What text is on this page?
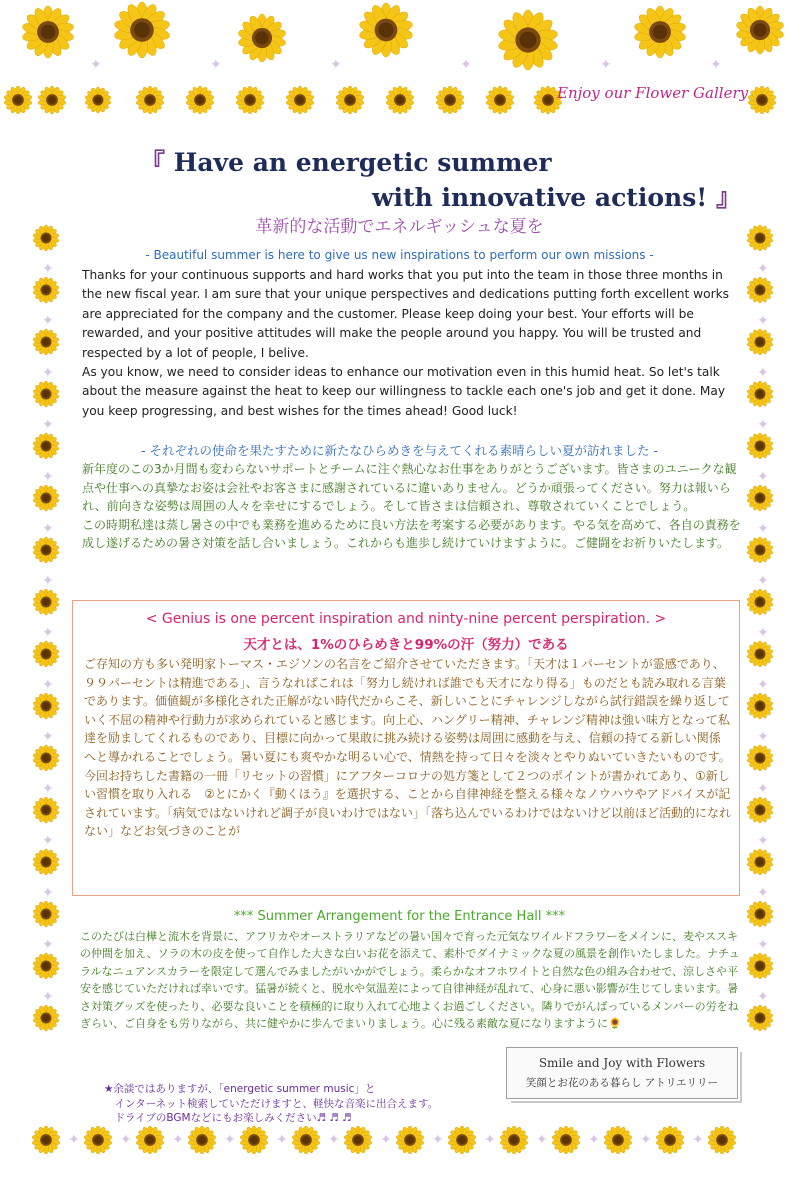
✦	✦
✦	✦
✦	✦
✦	✦
✦	✦
✦	✦
✦	✦
✦	✦
✦	✦
✦	✦
✦	✦
✦	✦
✦	✦
✦	✦
✦	✦
✦	✦	✦	✦	✦	✦	✦	✦	✦	✦	✦	✦	✦
✦	✦	✦	✦	✦	✦
Enjoy our Flower Gallery
『 Have an energetic summer
with innovative actions! 』
革新的な活動でエネルギッシュな夏を
- Beautiful summer is here to give us new inspirations to perform our own missions -

Thanks for your continuous supports and hard works that you put into the team in those three months in the new fiscal year. I am sure that your unique perspectives and dedications putting forth excellent works are appreciated for the company and the customer. Please keep doing your best. Your efforts will be rewarded, and your positive attitudes will make the people around you happy. You will be trusted and respected by a lot of people, I belive.
As you know, we need to consider ideas to enhance our motivation even in this humid heat. So let's talk about the measure against the heat to keep our willingness to tackle each one's job and get it done. May you keep progressing, and best wishes for the times ahead! Good luck!

- それぞれの使命を果たすために新たなひらめきを与えてくれる素晴らしい夏が訪れました -

新年度のこの3か月間も変わらないサポートとチームに注ぐ熱心なお仕事をありがとうございます。皆さまのユニークな観点や仕事への真摯なお姿は会社やお客さまに感謝されているに違いありません。どうか頑張ってください。努力は報いられ、前向きな姿勢は周囲の人々を幸せにするでしょう。そして皆さまは信頼され、尊敬されていくことでしょう。
この時期私達は蒸し暑さの中でも業務を進めるために良い方法を考案する必要があります。やる気を高めて、各自の責務を成し遂げるための暑さ対策を話し合いましょう。これからも進歩し続けていけますように。ご健闘をお祈りいたします。

< Genius is one percent inspiration and ninty-nine percent perspiration. >
天才とは、1%のひらめきと99%の汗（努力）である

ご存知の方も多い発明家トーマス・エジソンの名言をご紹介させていただきます。「天才は１パーセントが霊感であり、９９パーセントは精進である」、言うなればこれは「努力し続ければ誰でも天才になり得る」ものだとも読み取れる言葉であります。価値観が多様化された正解がない時代だからこそ、新しいことにチャレンジしながら試行錯誤を繰り返していく不屈の精神や行動力が求められていると感じます。向上心、ハングリー精神、チャレンジ精神は強い味方となって私達を励ましてくれるものであり、目標に向かって果敢に挑み続ける姿勢は周囲に感動を与え、信頼の持てる新しい関係へと導かれることでしょう。暑い夏にも爽やかな明るい心で、情熱を持って日々を淡々とやりぬいていきたいものです。
今回お持ちした書籍の一冊「リセットの習慣」にアフターコロナの処方箋として２つのポイントが書かれてあり、①新しい習慣を取り入れる　②とにかく『動くほう』を選択する、ことから自律神経を整える様々なノウハウやアドバイスが記されています。「病気ではないけれど調子が良いわけではない」「落ち込んでいるわけではないけど以前ほど活動的になれない」などお気づきのことが

*** Summer Arrangement for the Entrance Hall ***

このたびは白樺と流木を背景に、アフリカやオーストラリアなどの暑い国々で育った元気なワイルドフラワーをメインに、麦やススキの仲間を加え、ソラの木の皮を使って自作した大きな白いお花を添えて、素朴でダイナミックな夏の風景を創作いたしました。ナチュラルなニュアンスカラーを限定して選んでみましたがいかがでしょう。柔らかなオフホワイトと自然な色の組み合わせで、涼しさや平安を感じていただければ幸いです。猛暑が続くと、脱水や気温差によって自律神経が乱れて、心身に悪い影響が生じてしまいます。暑さ対策グッズを使ったり、必要な良いことを積極的に取り入れて心地よくお過ごしください。隣りでがんばっているメンバーの労をねぎらい、ご自身をも労りながら、共に健やかに歩んでまいりましょう。心に残る素敵な夏になりますように🌻

★余談ではありますが、「energetic summer music」と
　インターネット検索していただけますと、軽快な音楽に出合えます。
　ドライブのBGMなどにもお楽しみください♬ ♬ ♬

Smile and Joy with Flowers
笑顔とお花のある暮らし アトリエリリー
